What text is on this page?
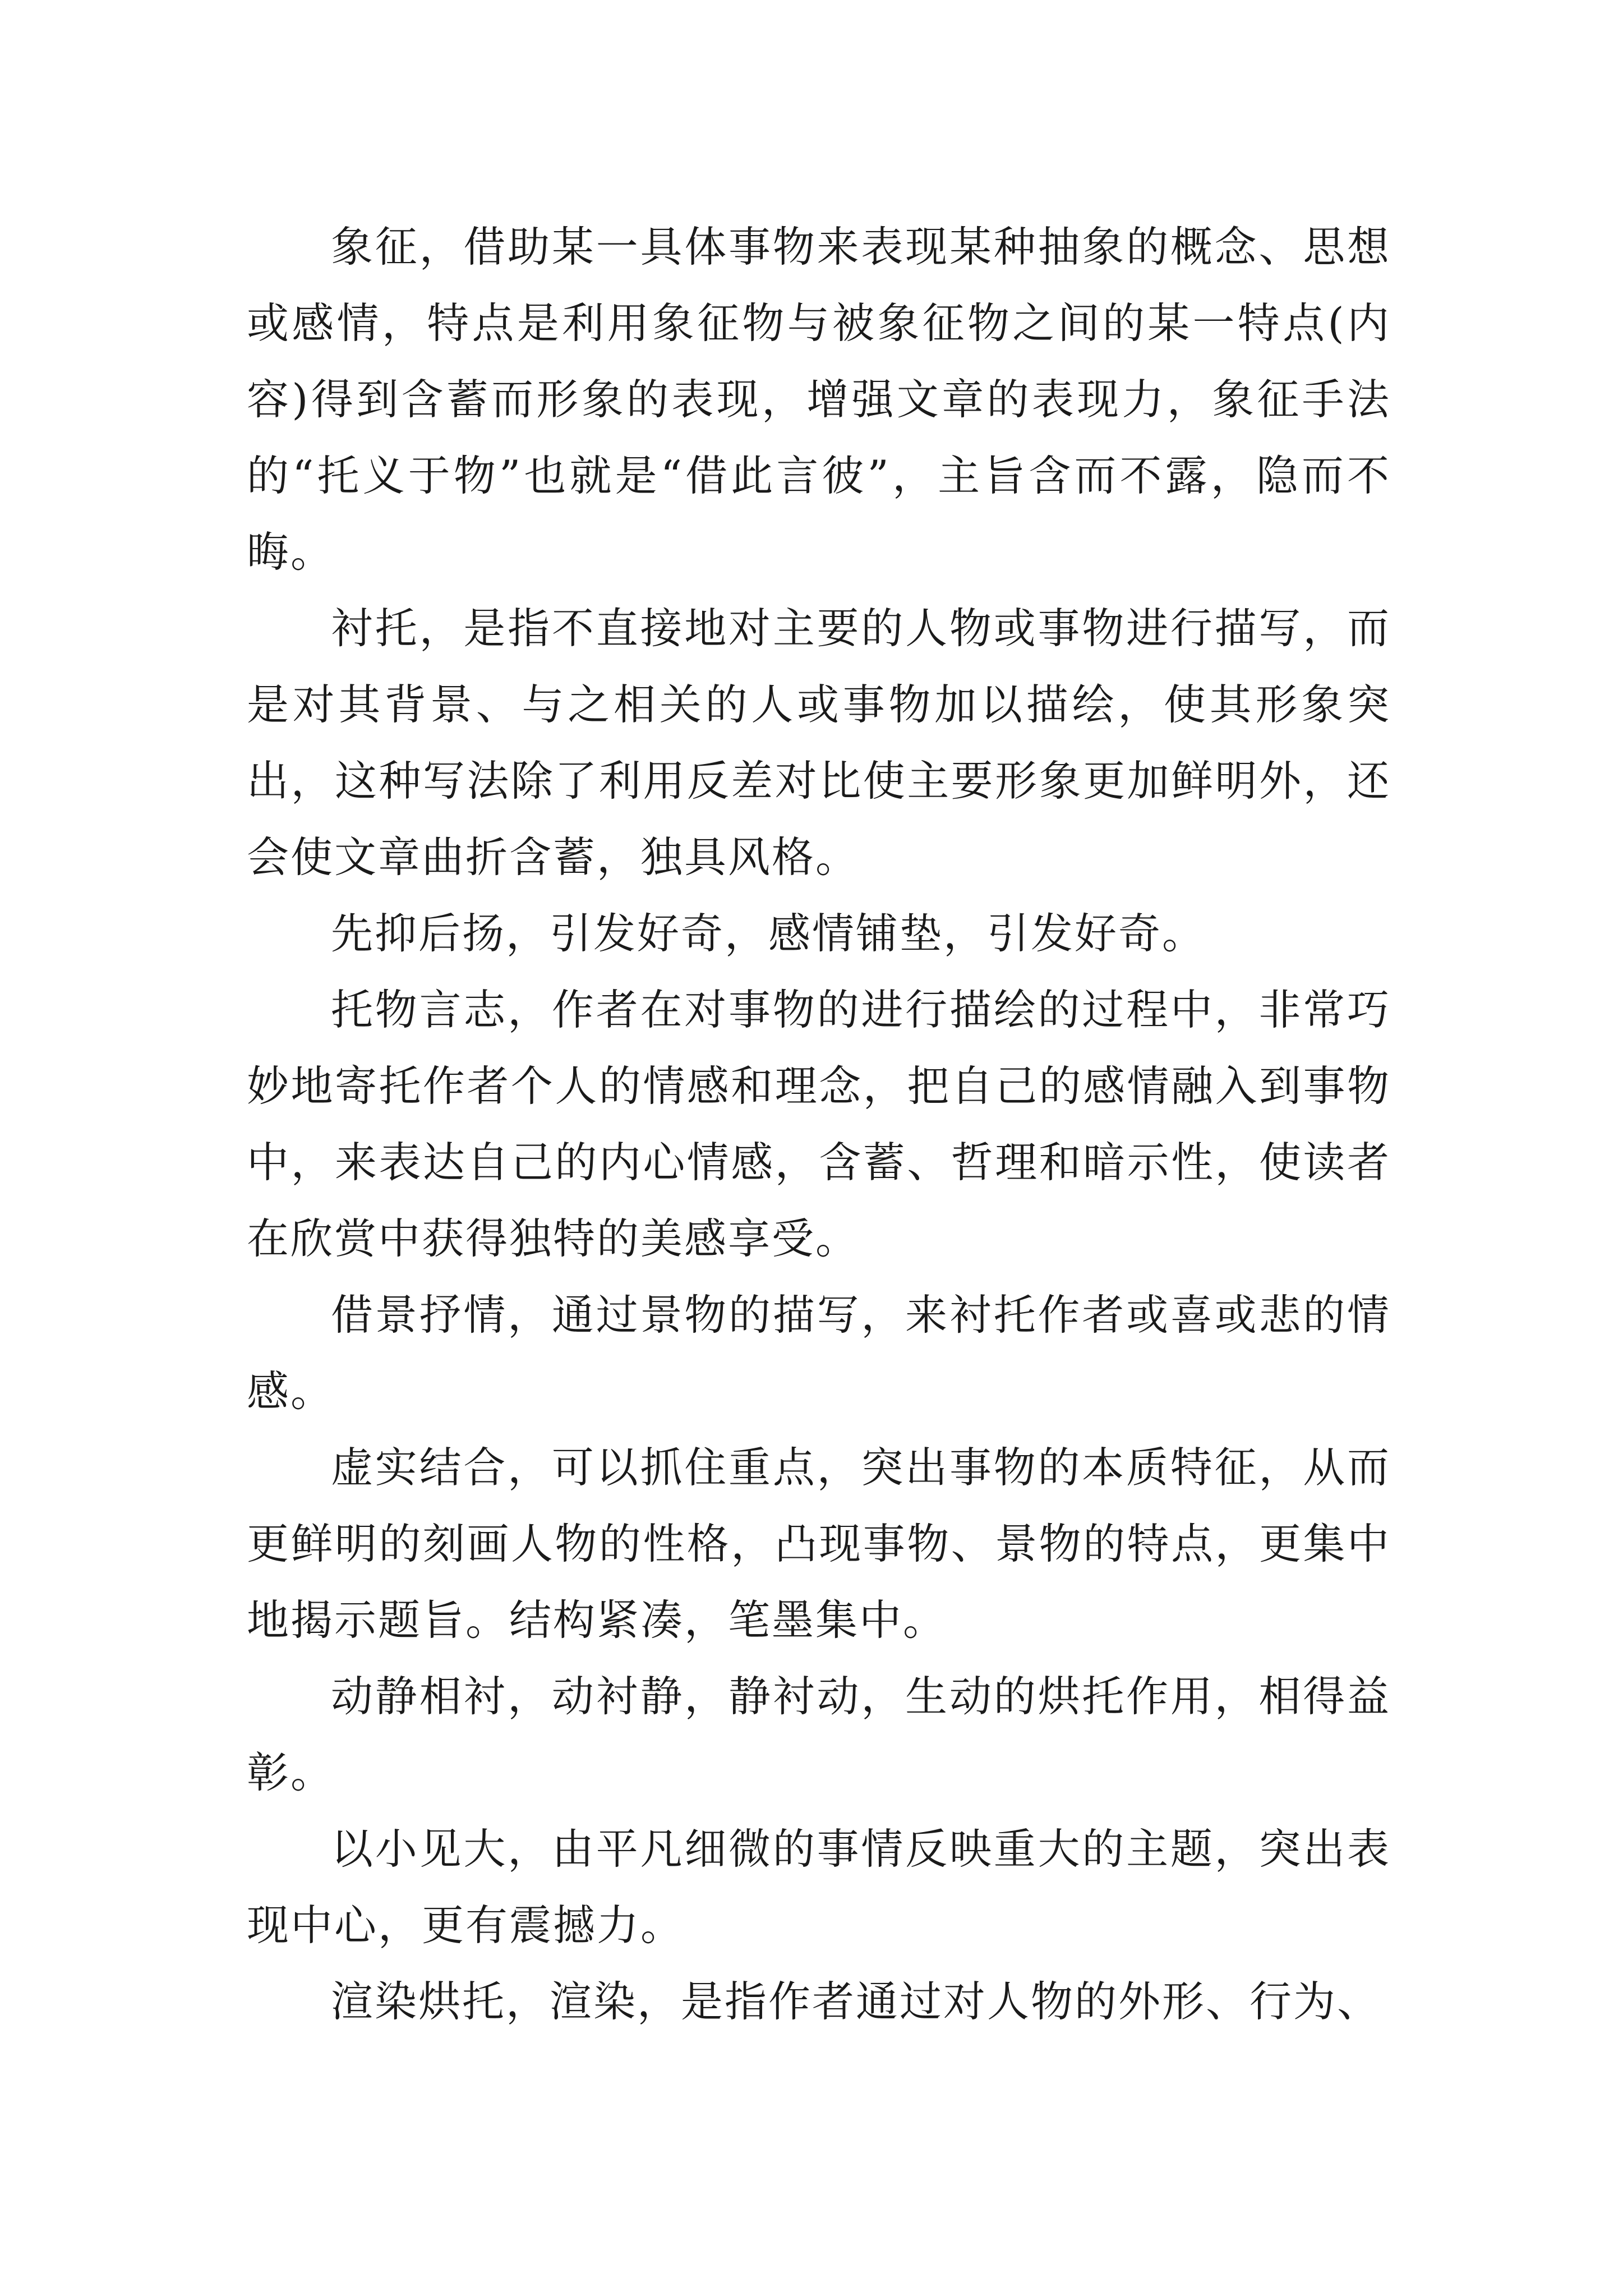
象征，借助某一具体事物来表现某种抽象的概念、思想或感情，特点是利用象征物与被象征物之间的某一特点(内容)得到含蓄而形象的表现，增强文章的表现力，象征手法的“托义于物”也就是“借此言彼”，主旨含而不露，隐而不晦。

衬托，是指不直接地对主要的人物或事物进行描写，而是对其背景、与之相关的人或事物加以描绘，使其形象突出，这种写法除了利用反差对比使主要形象更加鲜明外，还会使文章曲折含蓄，独具风格。

先抑后扬，引发好奇，感情铺垫，引发好奇。

托物言志，作者在对事物的进行描绘的过程中，非常巧妙地寄托作者个人的情感和理念，把自己的感情融入到事物中，来表达自己的内心情感，含蓄、哲理和暗示性，使读者在欣赏中获得独特的美感享受。

借景抒情，通过景物的描写，来衬托作者或喜或悲的情感。

虚实结合，可以抓住重点，突出事物的本质特征，从而更鲜明的刻画人物的性格，凸现事物、景物的特点，更集中地揭示题旨。结构紧凑，笔墨集中。

动静相衬，动衬静，静衬动，生动的烘托作用，相得益彰。

以小见大，由平凡细微的事情反映重大的主题，突出表现中心，更有震撼力。

渲染烘托，渲染，是指作者通过对人物的外形、行为、
